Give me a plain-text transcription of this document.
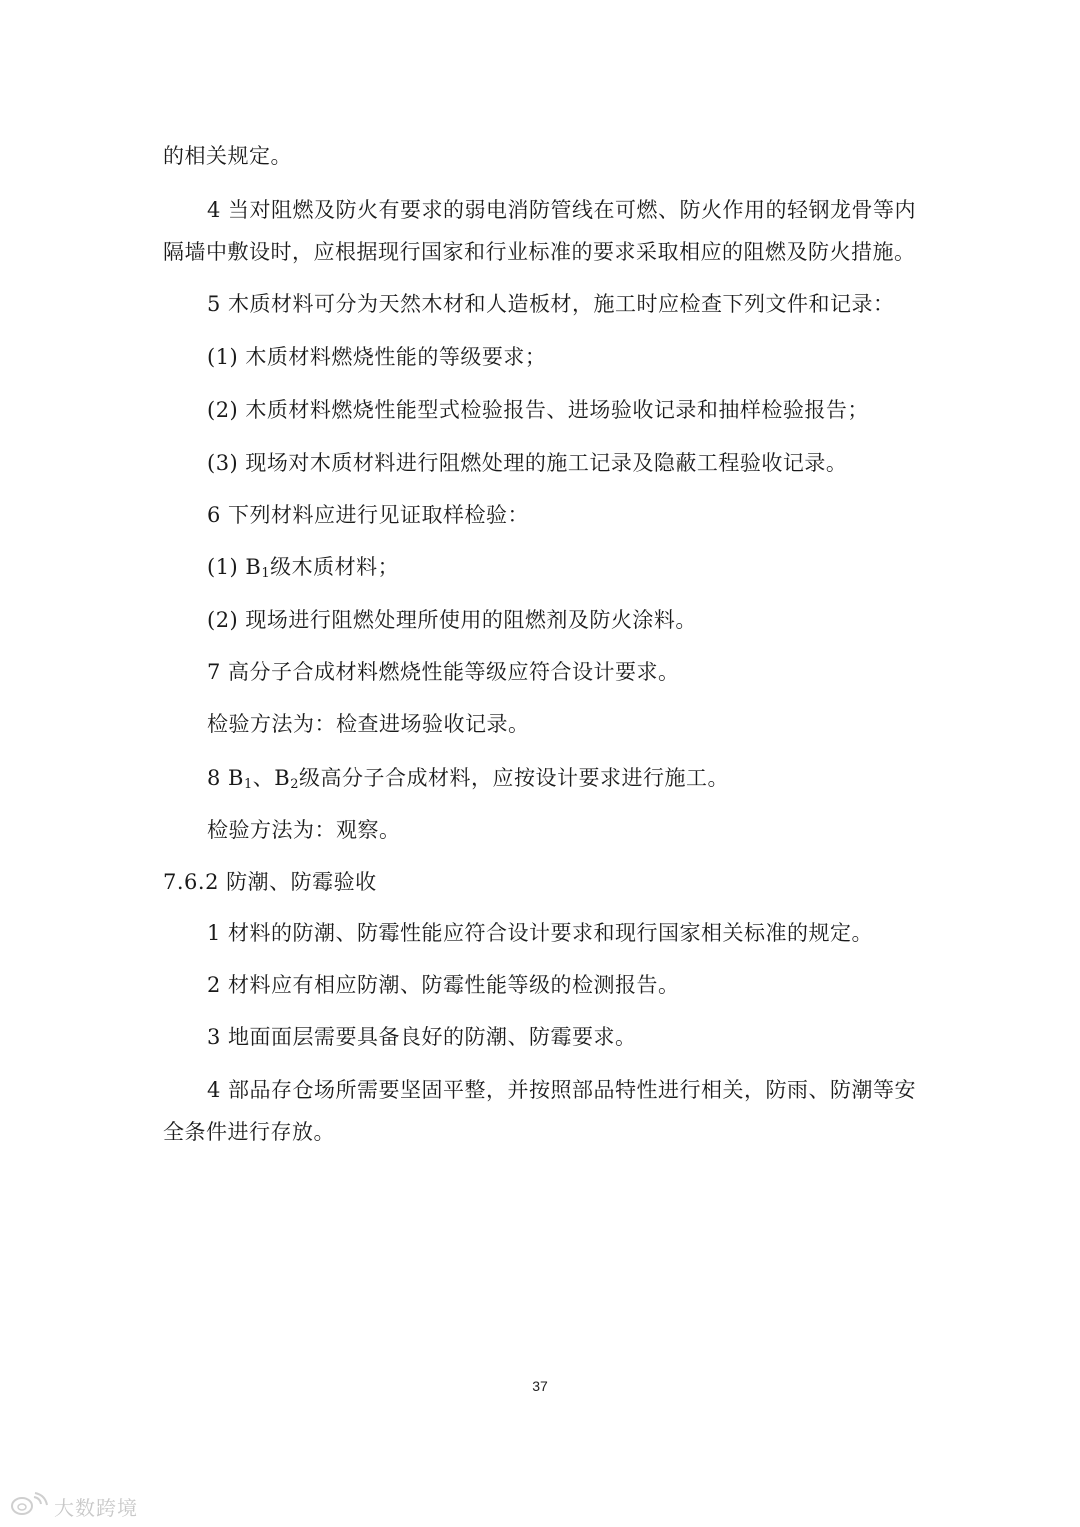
的相关规定。
4 当对阻燃及防火有要求的弱电消防管线在可燃、防火作用的轻钢龙骨等内
隔墙中敷设时，应根据现行国家和行业标准的要求采取相应的阻燃及防火措施。
5 木质材料可分为天然木材和人造板材，施工时应检查下列文件和记录：
(1) 木质材料燃烧性能的等级要求；
(2) 木质材料燃烧性能型式检验报告、进场验收记录和抽样检验报告；
(3) 现场对木质材料进行阻燃处理的施工记录及隐蔽工程验收记录。
6 下列材料应进行见证取样检验：
(1) $B_1$级木质材料；
(2) 现场进行阻燃处理所使用的阻燃剂及防火涂料。
7 高分子合成材料燃烧性能等级应符合设计要求。
检验方法为：检查进场验收记录。
8 $B_1$、$B_2$级高分子合成材料，应按设计要求进行施工。
检验方法为：观察。
7.6.2 防潮、防霉验收
1 材料的防潮、防霉性能应符合设计要求和现行国家相关标准的规定。
2 材料应有相应防潮、防霉性能等级的检测报告。
3 地面面层需要具备良好的防潮、防霉要求。
4 部品存仓场所需要坚固平整，并按照部品特性进行相关，防雨、防潮等安
全条件进行存放。
37
大数跨境
